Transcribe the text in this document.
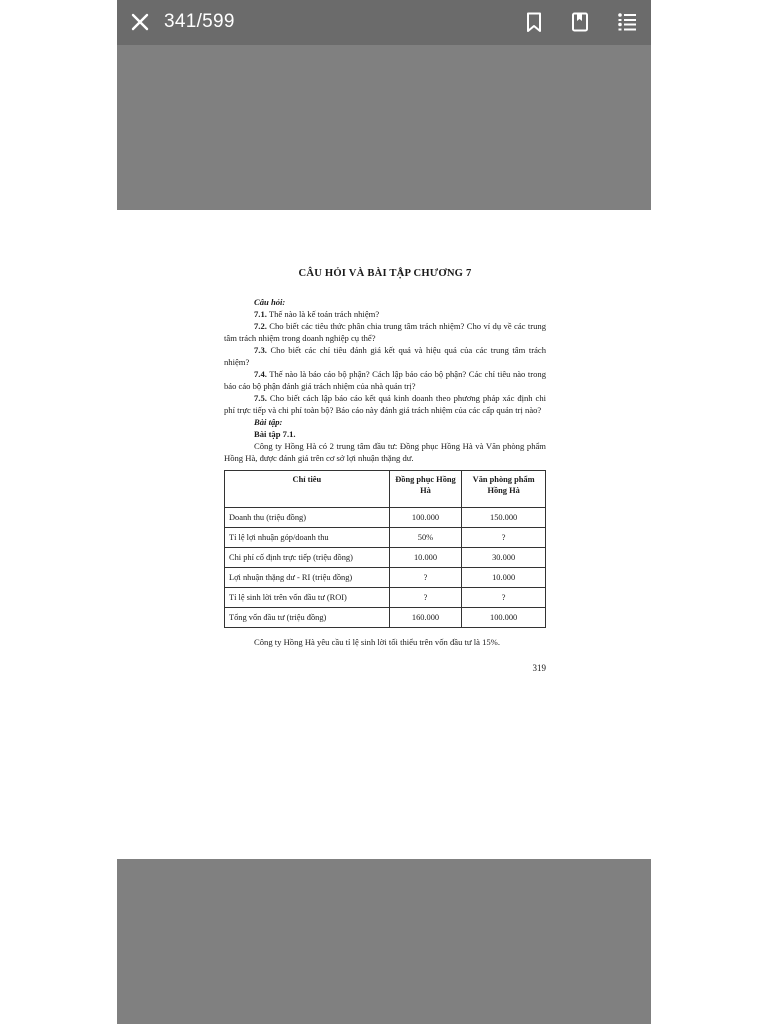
341/599
CÂU HỎI VÀ BÀI TẬP CHƯƠNG 7

Câu hỏi:

7.1. Thế nào là kế toán trách nhiệm?

7.2. Cho biết các tiêu thức phân chia trung tâm trách nhiệm? Cho ví dụ về các trung tâm trách nhiệm trong doanh nghiệp cụ thể?

7.3. Cho biết các chỉ tiêu đánh giá kết quả và hiệu quả của các trung tâm trách nhiệm?

7.4. Thế nào là báo cáo bộ phận? Cách lập báo cáo bộ phận? Các chỉ tiêu nào trong báo cáo bộ phận đánh giá trách nhiệm của nhà quản trị?

7.5. Cho biết cách lập báo cáo kết quả kinh doanh theo phương pháp xác định chi phí trực tiếp và chi phí toàn bộ? Báo cáo này đánh giá trách nhiệm của các cấp quản trị nào?

Bài tập:

Bài tập 7.1.

Công ty Hồng Hà có 2 trung tâm đầu tư: Đồng phục Hồng Hà và Văn phòng phẩm Hồng Hà, được đánh giá trên cơ sở lợi nhuận thặng dư.

Chỉ tiêu	Đồng phục Hồng Hà	Văn phòng phẩm Hồng Hà
Doanh thu (triệu đồng)	100.000	150.000
Tỉ lệ lợi nhuận góp/doanh thu	50%	?
Chi phí cố định trực tiếp (triệu đồng)	10.000	30.000
Lợi nhuận thặng dư - RI (triệu đồng)	?	10.000
Tỉ lệ sinh lời trên vốn đầu tư (ROI)	?	?
Tổng vốn đầu tư (triệu đồng)	160.000	100.000

Công ty Hồng Hà yêu cầu tỉ lệ sinh lời tối thiểu trên vốn đầu tư là 15%.

319
